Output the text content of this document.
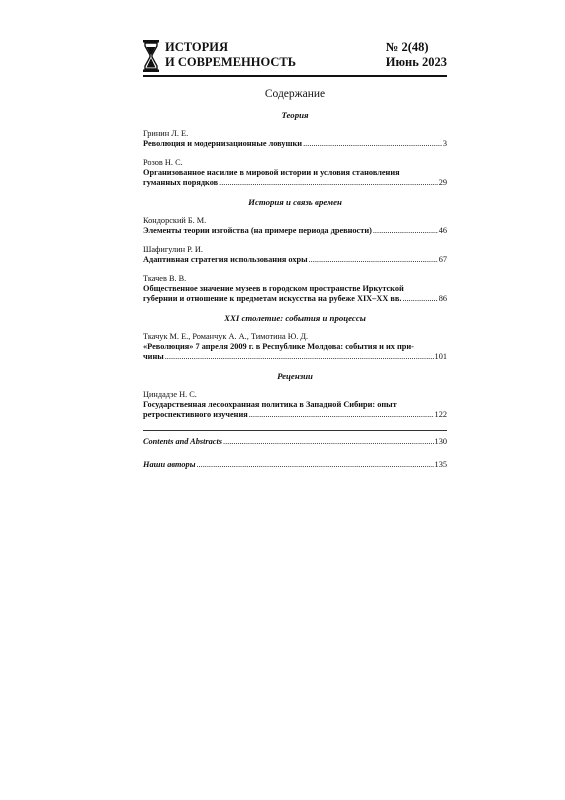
ИСТОРИЯ
И СОВРЕМЕННОСТЬ
№ 2(48)
Июнь 2023
Содержание
Теория
Гринин Л. Е.
Революция и модернизационные ловушки .....	3
Розов Н. С.
Организованное насилие в мировой истории и условия становления
гуманных порядков .....	29
История и связь времен
Кондорский Б. М.
Элементы теории изгойства (на примере периода древности) .....	46
Шафигулин Р. И.
Адаптивная стратегия использования охры .....	67
Ткачев В. В.
Общественное значение музеев в городском пространстве Иркутской
губернии и отношение к предметам искусства на рубеже XIX–XX вв. .....	86
XXI столетие: события и процессы
Ткачук М. Е., Романчук А. А., Тимотина Ю. Д.
«Революция» 7 апреля 2009 г. в Республике Молдова: события и их при-
чины .....	101
Рецензии
Циндадзе Н. С.
Государственная лесоохранная политика в Западной Сибири: опыт
ретроспективного изучения .....	122
Contents and Abstracts .....	130
Наши авторы .....	135
